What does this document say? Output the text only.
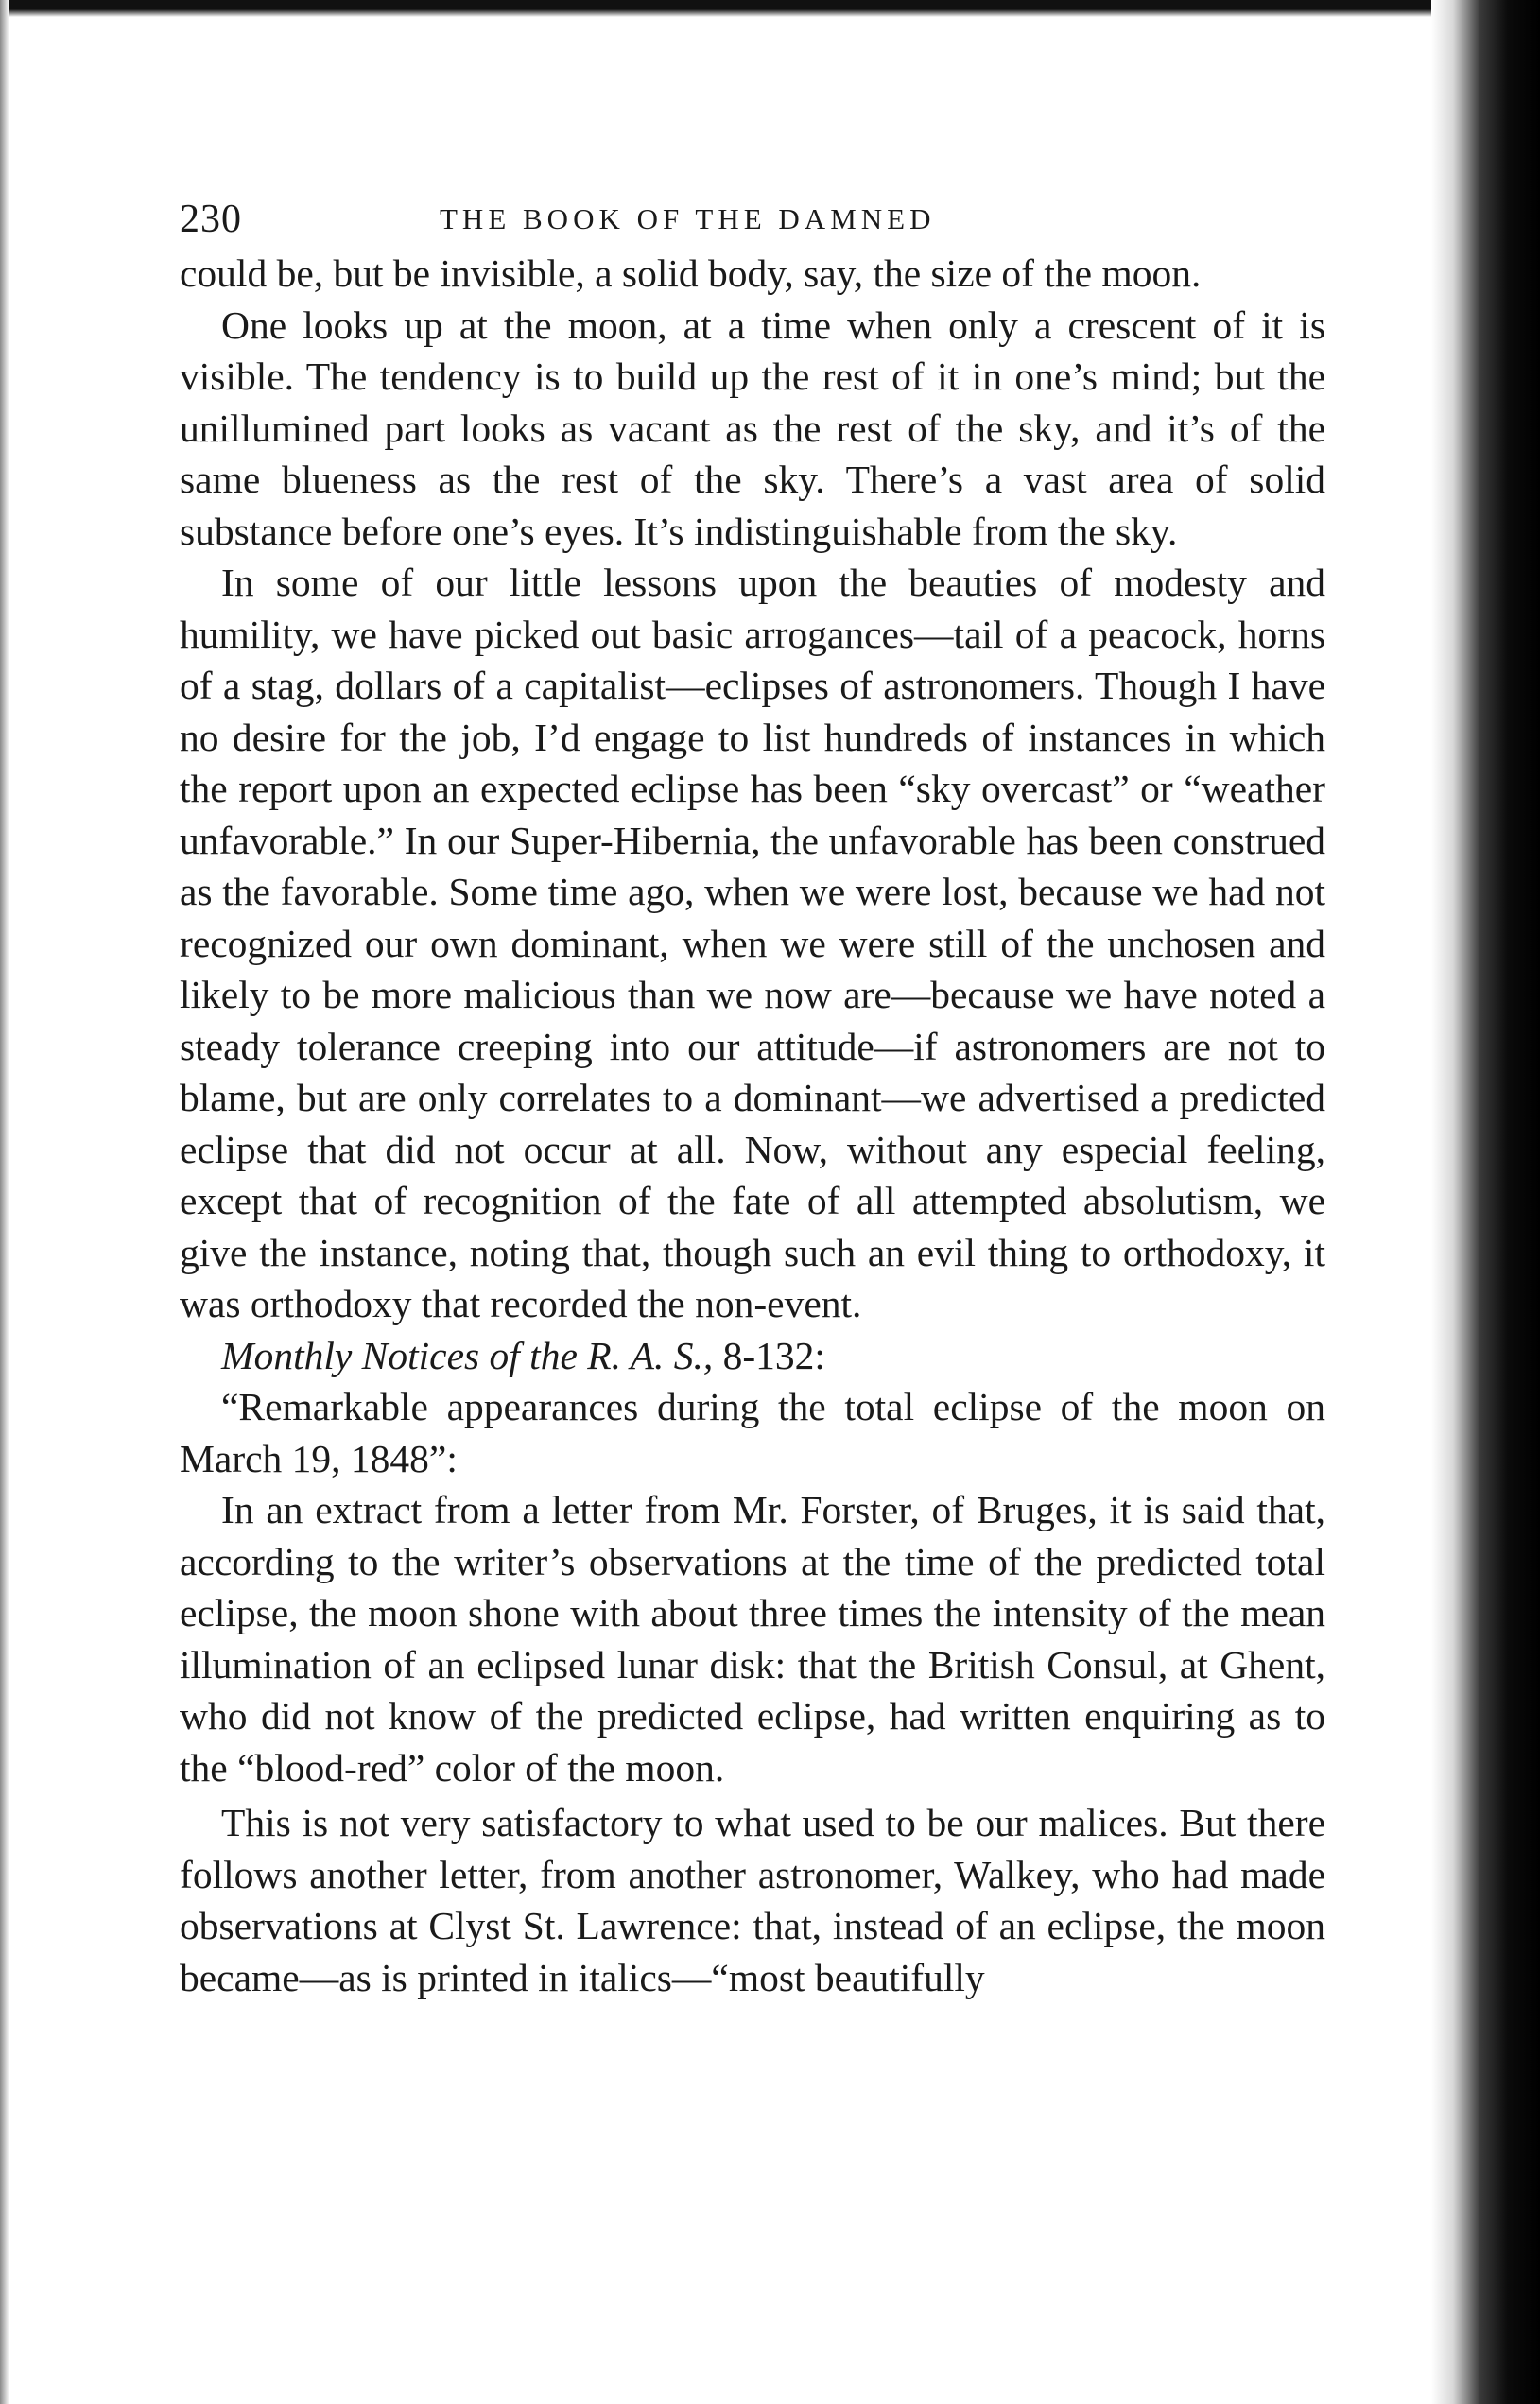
230	THE BOOK OF THE DAMNED

could be, but be invisible, a solid body, say, the size of the moon.

One looks up at the moon, at a time when only a crescent of it is visible. The tendency is to build up the rest of it in one’s mind; but the unillumined part looks as vacant as the rest of the sky, and it’s of the same blueness as the rest of the sky. There’s a vast area of solid substance before one’s eyes. It’s indistinguishable from the sky.

In some of our little lessons upon the beauties of modesty and humility, we have picked out basic arrogances—tail of a peacock, horns of a stag, dollars of a capitalist—eclipses of astronomers. Though I have no desire for the job, I’d engage to list hundreds of instances in which the report upon an expected eclipse has been “sky overcast” or “weather unfavorable.” In our Super-Hibernia, the unfavorable has been construed as the favorable. Some time ago, when we were lost, because we had not recognized our own dominant, when we were still of the unchosen and likely to be more malicious than we now are—because we have noted a steady tolerance creeping into our attitude—if astronomers are not to blame, but are only correlates to a dominant—we advertised a predicted eclipse that did not occur at all. Now, without any especial feeling, except that of recognition of the fate of all attempted absolutism, we give the instance, noting that, though such an evil thing to orthodoxy, it was orthodoxy that recorded the non-event.

Monthly Notices of the R. A. S., 8-132:

“Remarkable appearances during the total eclipse of the moon on March 19, 1848”:

In an extract from a letter from Mr. Forster, of Bruges, it is said that, according to the writer’s observations at the time of the predicted total eclipse, the moon shone with about three times the intensity of the mean illumination of an eclipsed lunar disk: that the British Consul, at Ghent, who did not know of the predicted eclipse, had written enquiring as to the “blood-red” color of the moon.

This is not very satisfactory to what used to be our malices. But there follows another letter, from another astronomer, Walkey, who had made observations at Clyst St. Lawrence: that, instead of an eclipse, the moon became—as is printed in italics—“most beautifully
